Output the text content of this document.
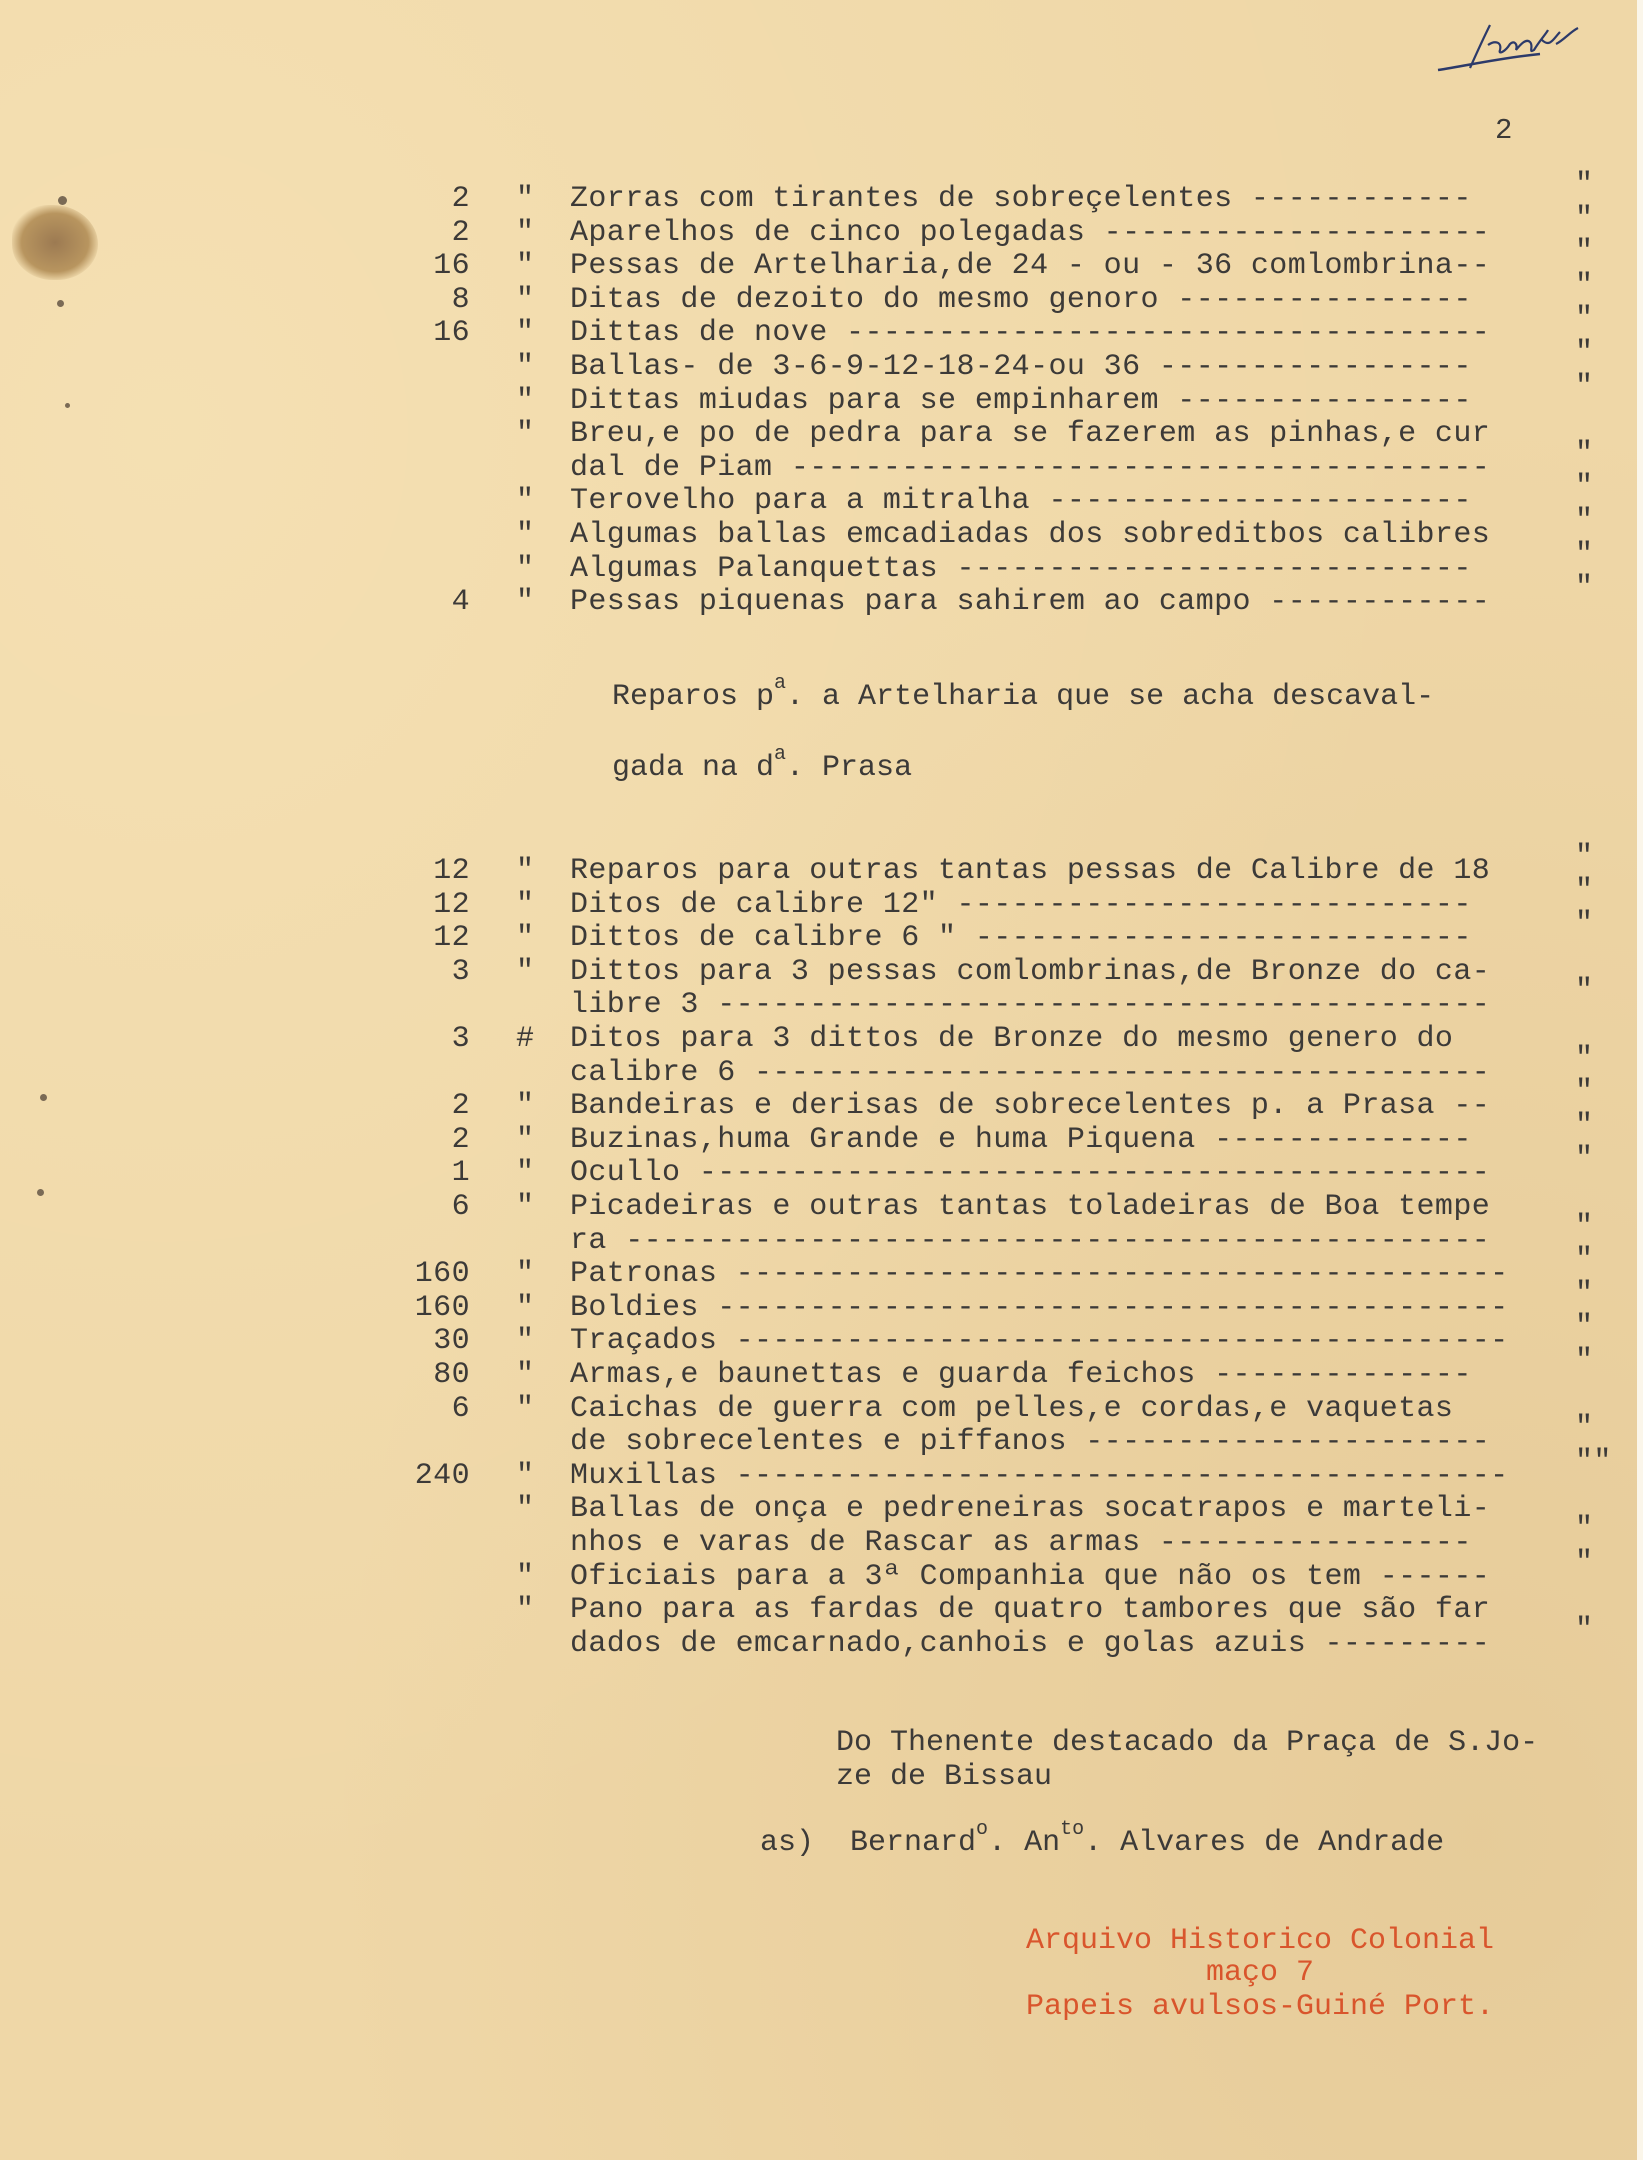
2
2 " Zorras com tirantes de sobreçelentes ------------	"
2 " Aparelhos de cinco polegadas ---------------------	"
16 " Pessas de Artelharia,de 24 - ou - 36 comlombrina--	"
8 " Ditas de dezoito do mesmo genoro ----------------	"
16 " Dittas de nove -----------------------------------	"
" Ballas- de 3-6-9-12-18-24-ou 36 -----------------	"
" Dittas miudas para se empinharem ----------------	"
" Breu,e po de pedra para se fazerem as pinhas,e cur
dal de Piam --------------------------------------	"
" Terovelho para a mitralha -----------------------	"
" Algumas ballas emcadiadas dos sobreditbos calibres	"
" Algumas Palanquettas ----------------------------	"
4 " Pessas piquenas para sahirem ao campo ------------	"
Reparos $p^a$. a Artelharia que se acha descaval-
gada na $d^a$. Prasa
12 " Reparos para outras tantas pessas de Calibre de 18	"
12 " Ditos de calibre 12" ----------------------------	"
12 " Dittos de calibre 6 " ---------------------------	"
3 " Dittos para 3 pessas comlombrinas,de Bronze do ca-
libre 3 ------------------------------------------	"
3 # Ditos para 3 dittos de Bronze do mesmo genero do
calibre 6 ----------------------------------------	"
2 " Bandeiras e derisas de sobrecelentes p. a Prasa --	"
2 " Buzinas,huma Grande e huma Piquena --------------	"
1 " Ocullo -------------------------------------------	"
6 " Picadeiras e outras tantas toladeiras de Boa tempe
ra -----------------------------------------------	"
160 " Patronas ------------------------------------------ "
160 " Boldies ------------------------------------------- "
30 " Traçados ------------------------------------------ "
80 " Armas,e baunettas e guarda feichos --------------	"
6 " Caichas de guerra com pelles,e cordas,e vaquetas
de sobrecelentes e piffanos ----------------------	"
240 " Muxillas ------------------------------------------ ""
" Ballas de onça e pedreneiras socatrapos e marteli-
nhos e varas de Rascar as armas -----------------	"
" Oficiais para a 3ª Companhia que não os tem ------	"
" Pano para as fardas de quatro tambores que são far
dados de emcarnado,canhois e golas azuis ---------	"
Do Thenente destacado da Praça de S.Jo-
ze de Bissau
as)  Bernard$^o$. $An^{to}$. Alvares de Andrade
Arquivo Historico Colonial
maço 7
Papeis avulsos-Guiné Port.
